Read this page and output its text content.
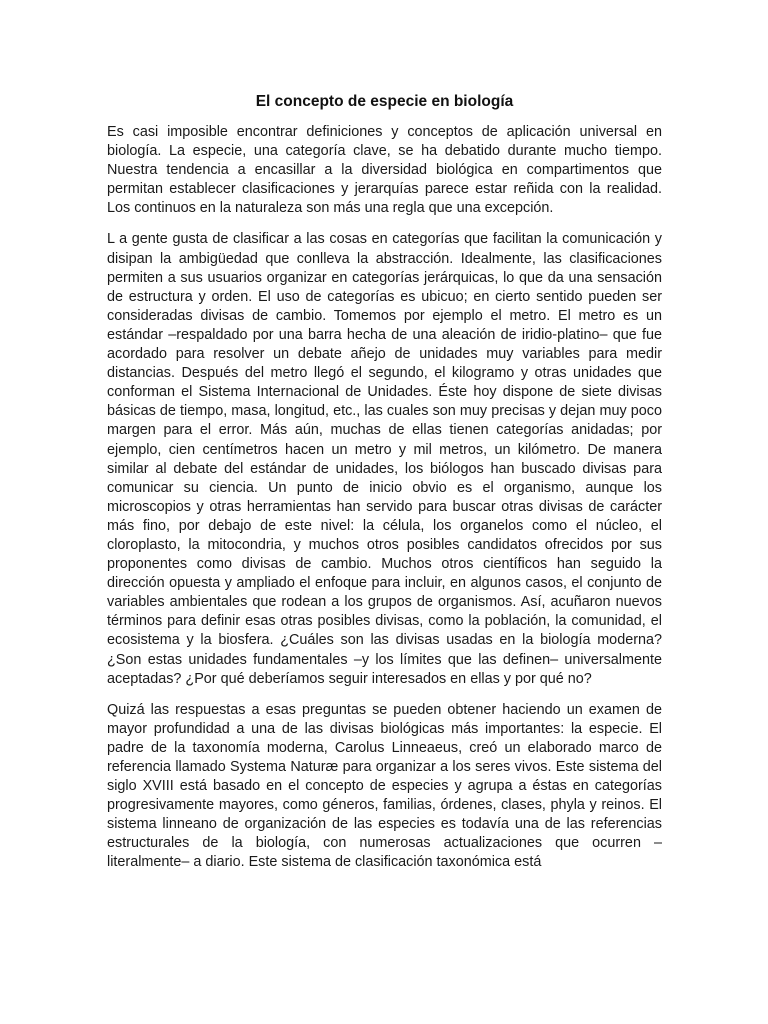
El concepto de especie en biología

Es casi imposible encontrar definiciones y conceptos de aplicación universal en biología. La especie, una categoría clave, se ha debatido durante mucho tiempo. Nuestra tendencia a encasillar a la diversidad biológica en compartimentos que permitan establecer clasificaciones y jerarquías parece estar reñida con la realidad. Los continuos en la naturaleza son más una regla que una excepción.

L a gente gusta de clasificar a las cosas en categorías que facilitan la comunicación y disipan la ambigüedad que conlleva la abstracción. Idealmente, las clasificaciones permiten a sus usuarios organizar en categorías jerárquicas, lo que da una sensación de estructura y orden. El uso de categorías es ubicuo; en cierto sentido pueden ser consideradas divisas de cambio. Tomemos por ejemplo el metro. El metro es un estándar –respaldado por una barra hecha de una aleación de iridio-platino– que fue acordado para resolver un debate añejo de unidades muy variables para medir distancias. Después del metro llegó el segundo, el kilogramo y otras unidades que conforman el Sistema Internacional de Unidades. Éste hoy dispone de siete divisas básicas de tiempo, masa, longitud, etc., las cuales son muy precisas y dejan muy poco margen para el error. Más aún, muchas de ellas tienen categorías anidadas; por ejemplo, cien centímetros hacen un metro y mil metros, un kilómetro. De manera similar al debate del estándar de unidades, los biólogos han buscado divisas para comunicar su ciencia. Un punto de inicio obvio es el organismo, aunque los microscopios y otras herramientas han servido para buscar otras divisas de carácter más fino, por debajo de este nivel: la célula, los organelos como el núcleo, el cloroplasto, la mitocondria, y muchos otros posibles candidatos ofrecidos por sus proponentes como divisas de cambio. Muchos otros científicos han seguido la dirección opuesta y ampliado el enfoque para incluir, en algunos casos, el conjunto de variables ambientales que rodean a los grupos de organismos. Así, acuñaron nuevos términos para definir esas otras posibles divisas, como la población, la comunidad, el ecosistema y la biosfera. ¿Cuáles son las divisas usadas en la biología moderna? ¿Son estas unidades fundamentales –y los límites que las definen– universalmente aceptadas? ¿Por qué deberíamos seguir interesados en ellas y por qué no?

Quizá las respuestas a esas preguntas se pueden obtener haciendo un examen de mayor profundidad a una de las divisas biológicas más importantes: la especie. El padre de la taxonomía moderna, Carolus Linneaeus, creó un elaborado marco de referencia llamado Systema Naturæ para organizar a los seres vivos. Este sistema del siglo XVIII está basado en el concepto de especies y agrupa a éstas en categorías progresivamente mayores, como géneros, familias, órdenes, clases, phyla y reinos. El sistema linneano de organización de las especies es todavía una de las referencias estructurales de la biología, con numerosas actualizaciones que ocurren –literalmente– a diario. Este sistema de clasificación taxonómica está
